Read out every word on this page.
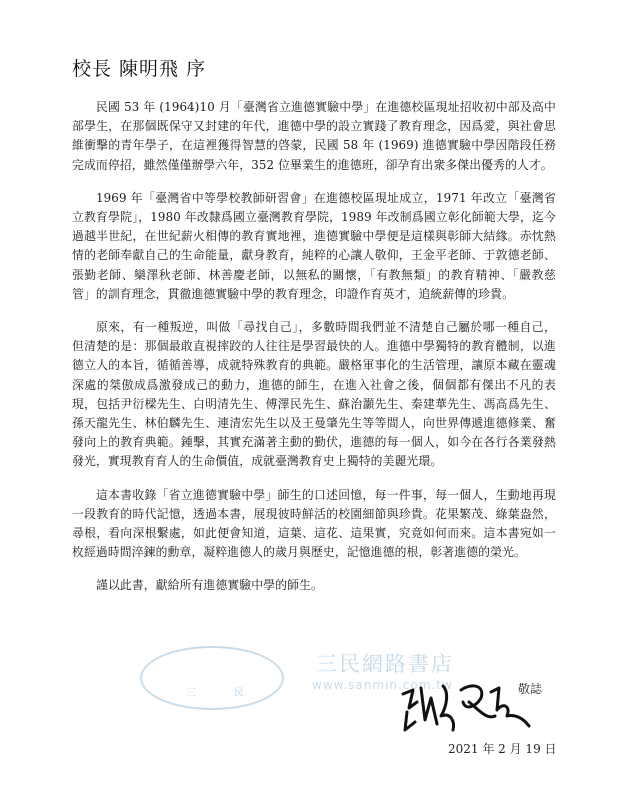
校長 陳明飛 序

民國 53 年 (1964)10 月「臺灣省立進德實驗中學」在進德校區現址招收初中部及高中部學生，在那個既保守又封建的年代，進德中學的設立實踐了教育理念，因爲愛，與社會思維衝擊的青年學子，在這裡獲得智慧的啓蒙，民國 58 年 (1969) 進德實驗中學因階段任務完成而停招，雖然僅僅辦學六年，352 位畢業生的進德班，卻孕育出衆多傑出優秀的人才。

1969 年「臺灣省中等學校教師研習會」在進德校區現址成立，1971 年改立「臺灣省立教育學院」，1980 年改隸爲國立臺灣教育學院，1989 年改制爲國立彰化師範大學，迄今過越半世紀，在世紀薪火相傳的教育實地裡，進德實驗中學便是這樣與彰師大結緣。赤忱熱情的老師奉獻自己的生命能量，獻身教育，純粹的心讓人敬仰，王金平老師、于敦德老師、張勤老師、欒澤秋老師、林善慶老師，以無私的關懷，「有教無類」的教育精神、「嚴教慈管」的訓育理念，貫徹進德實驗中學的教育理念，印證作育英才，追統薪傳的珍貴。

原來，有一種叛逆，叫做「尋找自己」，多數時間我們並不清楚自己屬於哪一種自己，但清楚的是：那個最敢直視摔跤的人往往是學習最快的人。進德中學獨特的教育體制，以進德立人的本旨，循循善導，成就特殊教育的典範。嚴格軍事化的生活管理，讓原本藏在靈魂深處的桀傲成爲激發成己的動力，進德的師生，在進入社會之後，個個都有傑出不凡的表現，包括尹衍樑先生、白明清先生、傅澤民先生、蘇治灝先生、秦建華先生、馮高爲先生、孫天龍先生、林伯麟先生、連清宏先生以及王曼肇先生等等間人，向世界傳遞進德修業、奮發向上的教育典範。鍾擊，其實充滿著主動的勤伏，進德的每一個人，如今在各行各業發熱發光，實現教育育人的生命價值，成就臺灣教育史上獨特的美麗光環。

這本書收錄「省立進德實驗中學」師生的口述回憶，每一件事，每一個人，生動地再現一段教育的時代記憶，透過本書，展現彼時鮮活的校園細節與珍貴。花果繁茂、綠葉盎然，尋根，看向深根繫處，如此便會知道，這葉、這花、這果實，究竟如何而來。這本書宛如一枚經過時間淬鍊的勳章，凝粹進德人的歲月與歷史，記憶進德的根，彰著進德的榮光。

謹以此書，獻給所有進德實驗中學的師生。

三	民
三民網路書店
www.sanmin.com.tw	敬誌
2021 年 2 月 19 日
